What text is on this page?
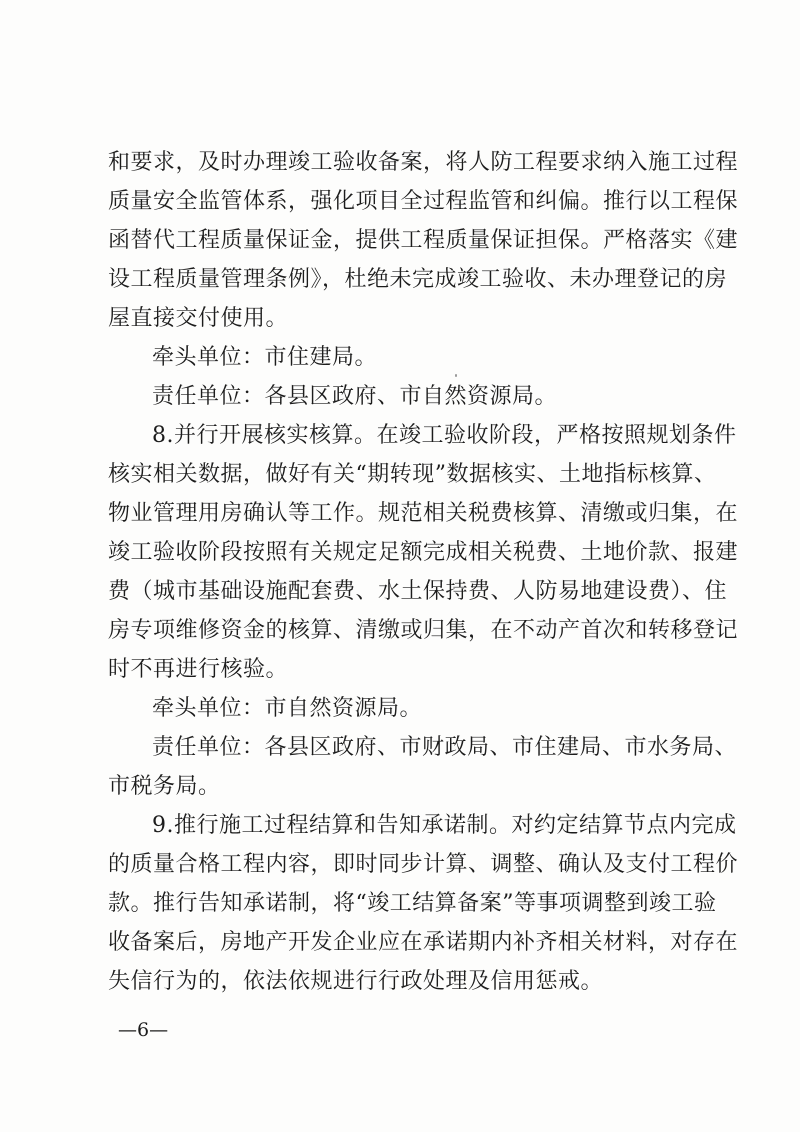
和要求，及时办理竣工验收备案，将人防工程要求纳入施工过程
质量安全监管体系，强化项目全过程监管和纠偏。推行以工程保
函替代工程质量保证金，提供工程质量保证担保。严格落实《建
设工程质量管理条例》，杜绝未完成竣工验收、未办理登记的房
屋直接交付使用。
牵头单位：市住建局。
责任单位：各县区政府、市自然资源局。
8.并行开展核实核算。在竣工验收阶段，严格按照规划条件
核实相关数据，做好有关“期转现”数据核实、土地指标核算、
物业管理用房确认等工作。规范相关税费核算、清缴或归集，在
竣工验收阶段按照有关规定足额完成相关税费、土地价款、报建
费（城市基础设施配套费、水土保持费、人防易地建设费）、住
房专项维修资金的核算、清缴或归集，在不动产首次和转移登记
时不再进行核验。
牵头单位：市自然资源局。
责任单位：各县区政府、市财政局、市住建局、市水务局、
市税务局。
9.推行施工过程结算和告知承诺制。对约定结算节点内完成
的质量合格工程内容，即时同步计算、调整、确认及支付工程价
款。推行告知承诺制，将“竣工结算备案”等事项调整到竣工验
收备案后，房地产开发企业应在承诺期内补齐相关材料，对存在
失信行为的，依法依规进行行政处理及信用惩戒。
—6—
